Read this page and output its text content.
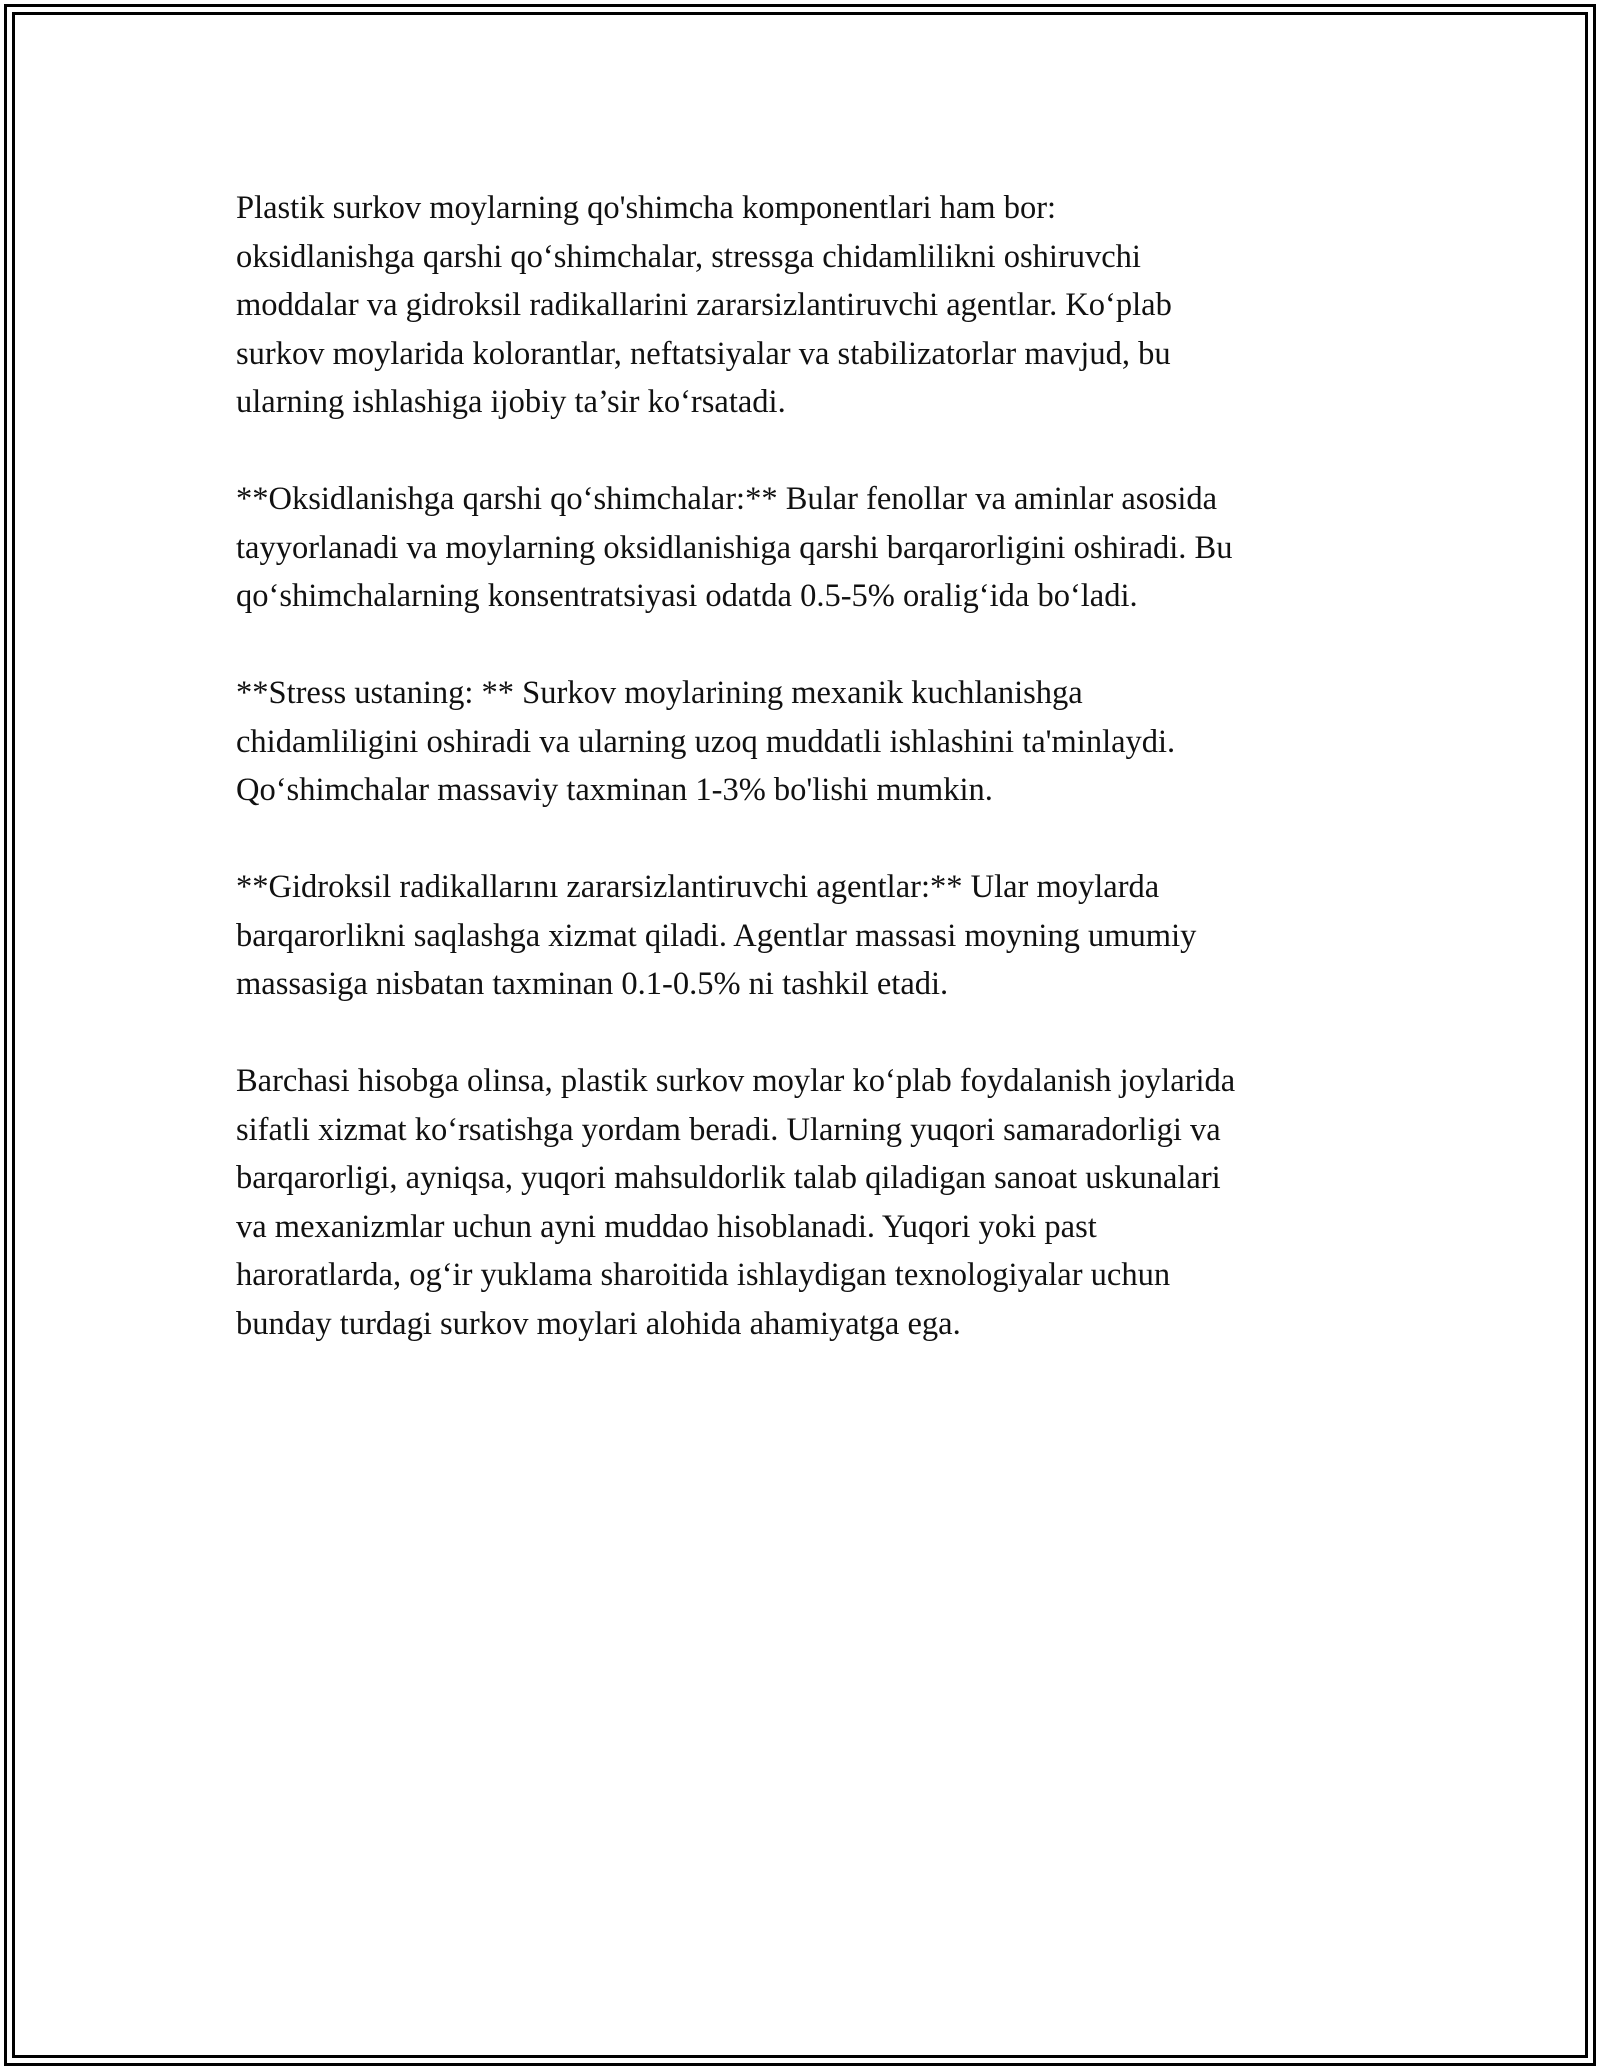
Plastik surkov moylarning qo'shimcha komponentlari ham bor:
oksidlanishga qarshi qo‘shimchalar, stressga chidamlilikni oshiruvchi
moddalar va gidroksil radikallarini zararsizlantiruvchi agentlar. Ko‘plab
surkov moylarida kolorantlar, neftatsiyalar va stabilizatorlar mavjud, bu
ularning ishlashiga ijobiy ta’sir ko‘rsatadi.

**Oksidlanishga qarshi qo‘shimchalar:** Bular fenollar va aminlar asosida
tayyorlanadi va moylarning oksidlanishiga qarshi barqarorligini oshiradi. Bu
qo‘shimchalarning konsentratsiyasi odatda 0.5-5% oralig‘ida bo‘ladi.

**Stress ustaning: ** Surkov moylarining mexanik kuchlanishga
chidamliligini oshiradi va ularning uzoq muddatli ishlashini ta'minlaydi.
Qo‘shimchalar massaviy taxminan 1-3% bo'lishi mumkin.

**Gidroksil radikallarını zararsizlantiruvchi agentlar:** Ular moylarda
barqarorlikni saqlashga xizmat qiladi. Agentlar massasi moyning umumiy
massasiga nisbatan taxminan 0.1-0.5% ni tashkil etadi.

Barchasi hisobga olinsa, plastik surkov moylar ko‘plab foydalanish joylarida
sifatli xizmat ko‘rsatishga yordam beradi. Ularning yuqori samaradorligi va
barqarorligi, ayniqsa, yuqori mahsuldorlik talab qiladigan sanoat uskunalari
va mexanizmlar uchun ayni muddao hisoblanadi. Yuqori yoki past
haroratlarda, og‘ir yuklama sharoitida ishlaydigan texnologiyalar uchun
bunday turdagi surkov moylari alohida ahamiyatga ega.
